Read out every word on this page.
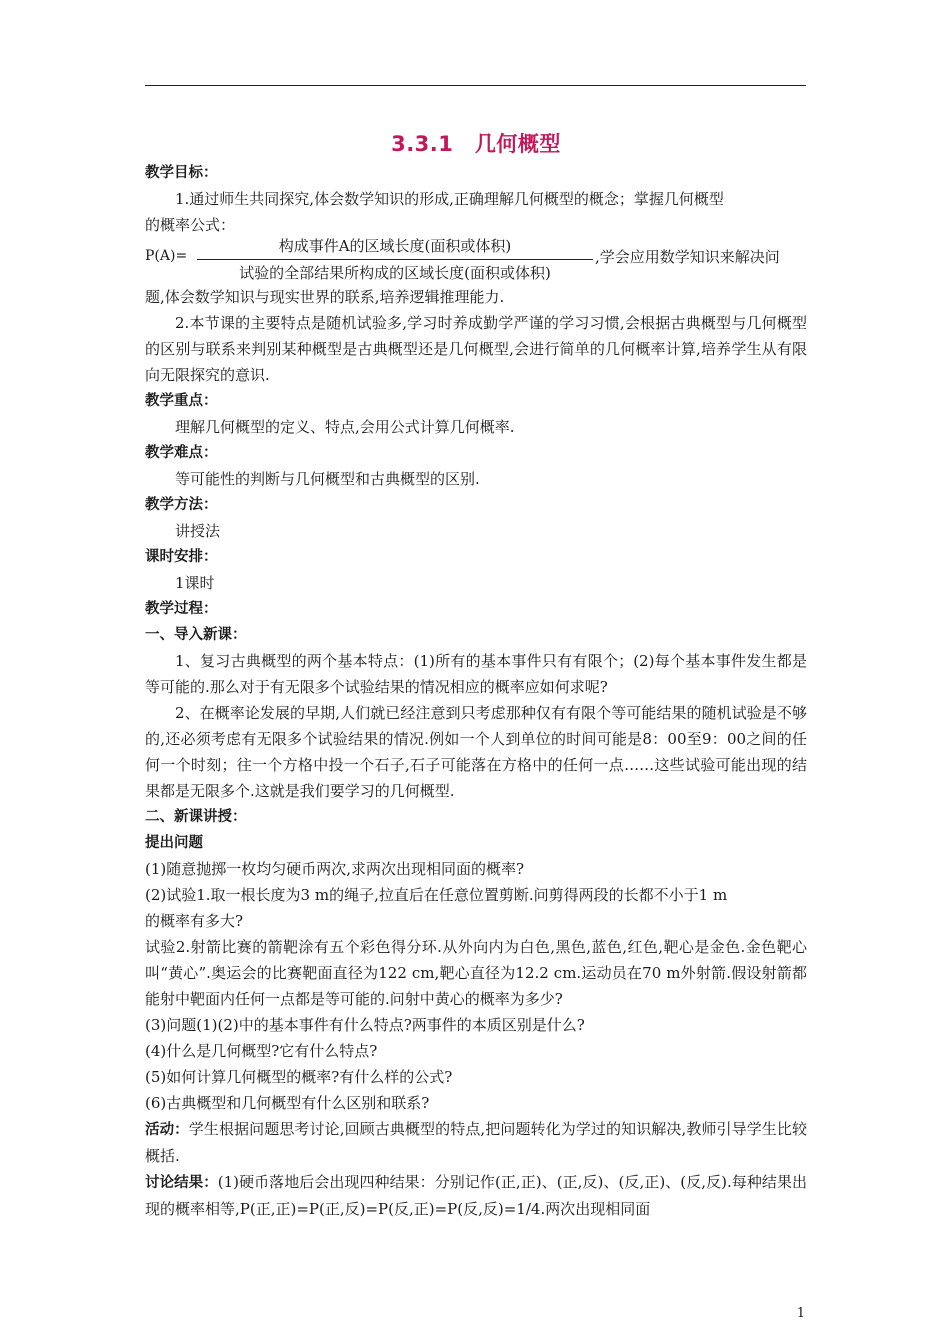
3.3.1　几何概型
教学目标：
1.通过师生共同探究,体会数学知识的形成,正确理解几何概型的概念；掌握几何概型
的概率公式：
P(A)=
构成事件A的区域长度(面积或体积)
试验的全部结果所构成的区域长度(面积或体积)
,学会应用数学知识来解决问
题,体会数学知识与现实世界的联系,培养逻辑推理能力.
2.本节课的主要特点是随机试验多,学习时养成勤学严谨的学习习惯,会根据古典概型与几何概型的区别与联系来判别某种概型是古典概型还是几何概型,会进行简单的几何概率计算,培养学生从有限向无限探究的意识.
教学重点：
理解几何概型的定义、特点,会用公式计算几何概率.
教学难点：
等可能性的判断与几何概型和古典概型的区别.
教学方法：
讲授法
课时安排：
1课时
教学过程：
一、导入新课：
1、复习古典概型的两个基本特点：(1)所有的基本事件只有有限个；(2)每个基本事件发生都是等可能的.那么对于有无限多个试验结果的情况相应的概率应如何求呢?
2、在概率论发展的早期,人们就已经注意到只考虑那种仅有有限个等可能结果的随机试验是不够的,还必须考虑有无限多个试验结果的情况.例如一个人到单位的时间可能是8：00至9：00之间的任何一个时刻；往一个方格中投一个石子,石子可能落在方格中的任何一点……这些试验可能出现的结果都是无限多个.这就是我们要学习的几何概型.
二、新课讲授：
提出问题
(1)随意抛掷一枚均匀硬币两次,求两次出现相同面的概率?
(2)试验1.取一根长度为3 m的绳子,拉直后在任意位置剪断.问剪得两段的长都不小于1 m
的概率有多大?
试验2.射箭比赛的箭靶涂有五个彩色得分环.从外向内为白色,黑色,蓝色,红色,靶心是金色.金色靶心叫“黄心”.奥运会的比赛靶面直径为122 cm,靶心直径为12.2 cm.运动员在70 m外射箭.假设射箭都能射中靶面内任何一点都是等可能的.问射中黄心的概率为多少?
(3)问题(1)(2)中的基本事件有什么特点?两事件的本质区别是什么?
(4)什么是几何概型?它有什么特点?
(5)如何计算几何概型的概率?有什么样的公式?
(6)古典概型和几何概型有什么区别和联系?
活动：学生根据问题思考讨论,回顾古典概型的特点,把问题转化为学过的知识解决,教师引导学生比较概括.
讨论结果：(1)硬币落地后会出现四种结果：分别记作(正,正)、(正,反)、(反,正)、(反,反).每种结果出现的概率相等,P(正,正)=P(正,反)=P(反,正)=P(反,反)=1/4.两次出现相同面
1
